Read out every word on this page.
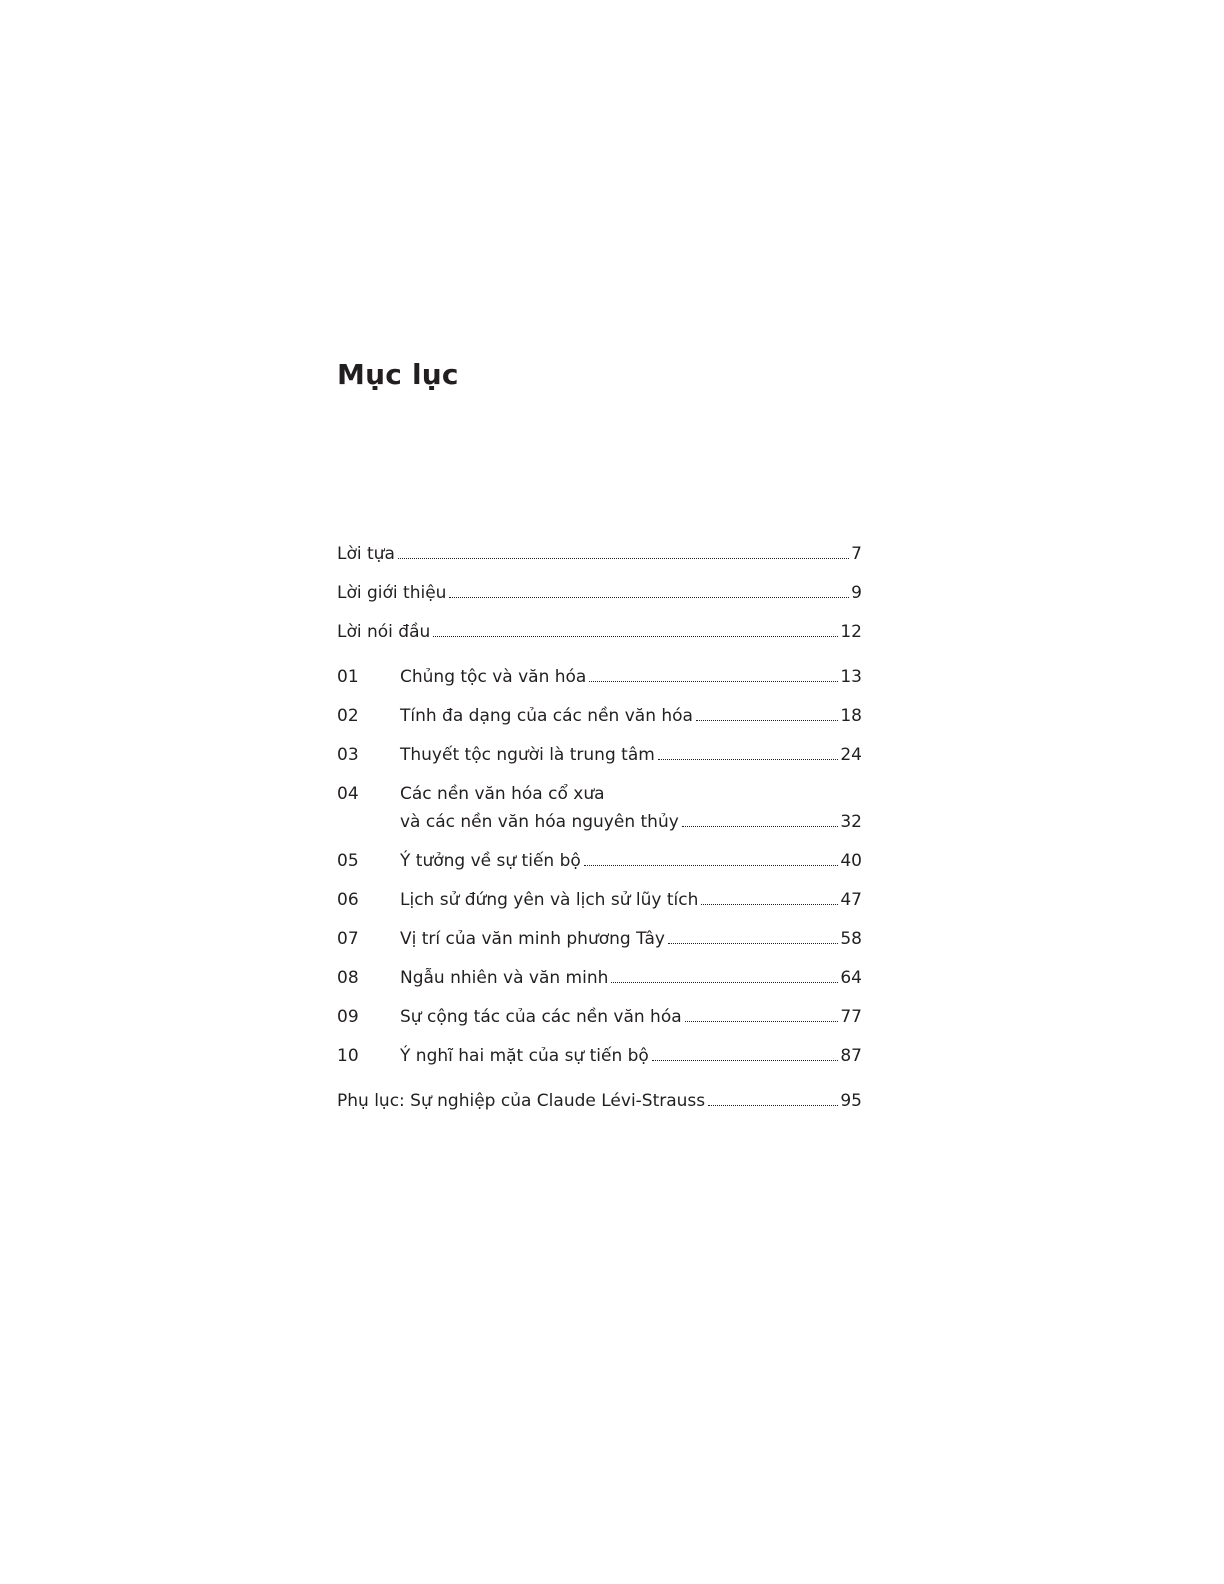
Mục lục
Lời tựa	7
Lời giới thiệu	9
Lời nói đầu	12
01	Chủng tộc và văn hóa	13
02	Tính đa dạng của các nền văn hóa	18
03	Thuyết tộc người là trung tâm	24
04	Các nền văn hóa cổ xưa
và các nền văn hóa nguyên thủy	32
05	Ý tưởng về sự tiến bộ	40
06	Lịch sử đứng yên và lịch sử lũy tích	47
07	Vị trí của văn minh phương Tây	58
08	Ngẫu nhiên và văn minh	64
09	Sự cộng tác của các nền văn hóa	77
10	Ý nghĩ hai mặt của sự tiến bộ	87
Phụ lục: Sự nghiệp của Claude Lévi-Strauss	95
